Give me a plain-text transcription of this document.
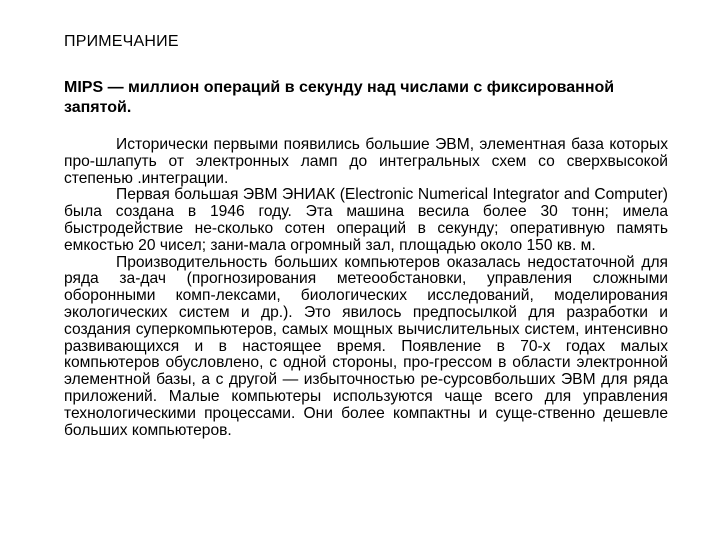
ПРИМЕЧАНИЕ
MIPS — миллион операций в секунду над числами с фиксированной запятой.

Исторически первыми появились большие ЭВМ, элементная база которых про-шлапуть от электронных ламп до интегральных схем со сверхвысокой степенью .интеграции.

Первая большая ЭВМ ЭНИАК (Electronic Numerical Integrator and Computer) была создана в 1946 году. Эта машина весила более 30 тонн; имела быстродействие не-сколько сотен операций в секунду; оперативную память емкостью 20 чисел; зани-мала огромный зал, площадью около 150 кв. м.

Производительность больших компьютеров оказалась недостаточной для ряда за-дач (прогнозирования метеообстановки, управления сложными оборонными комп-лексами, биологических исследований, моделирования экологических систем и др.). Это явилось предпосылкой для разработки и создания суперкомпьютеров, самых мощных вычислительных систем, интенсивно развивающихся и в настоящее время. Появление в 70-х годах малых компьютеров обусловлено, с одной стороны, про-грессом в области электронной элементной базы, а с другой — избыточностью ре-сурсовбольших ЭВМ для ряда приложений. Малые компьютеры используются чаще всего для управления технологическими процессами. Они более компактны и суще-ственно дешевле больших компьютеров.
